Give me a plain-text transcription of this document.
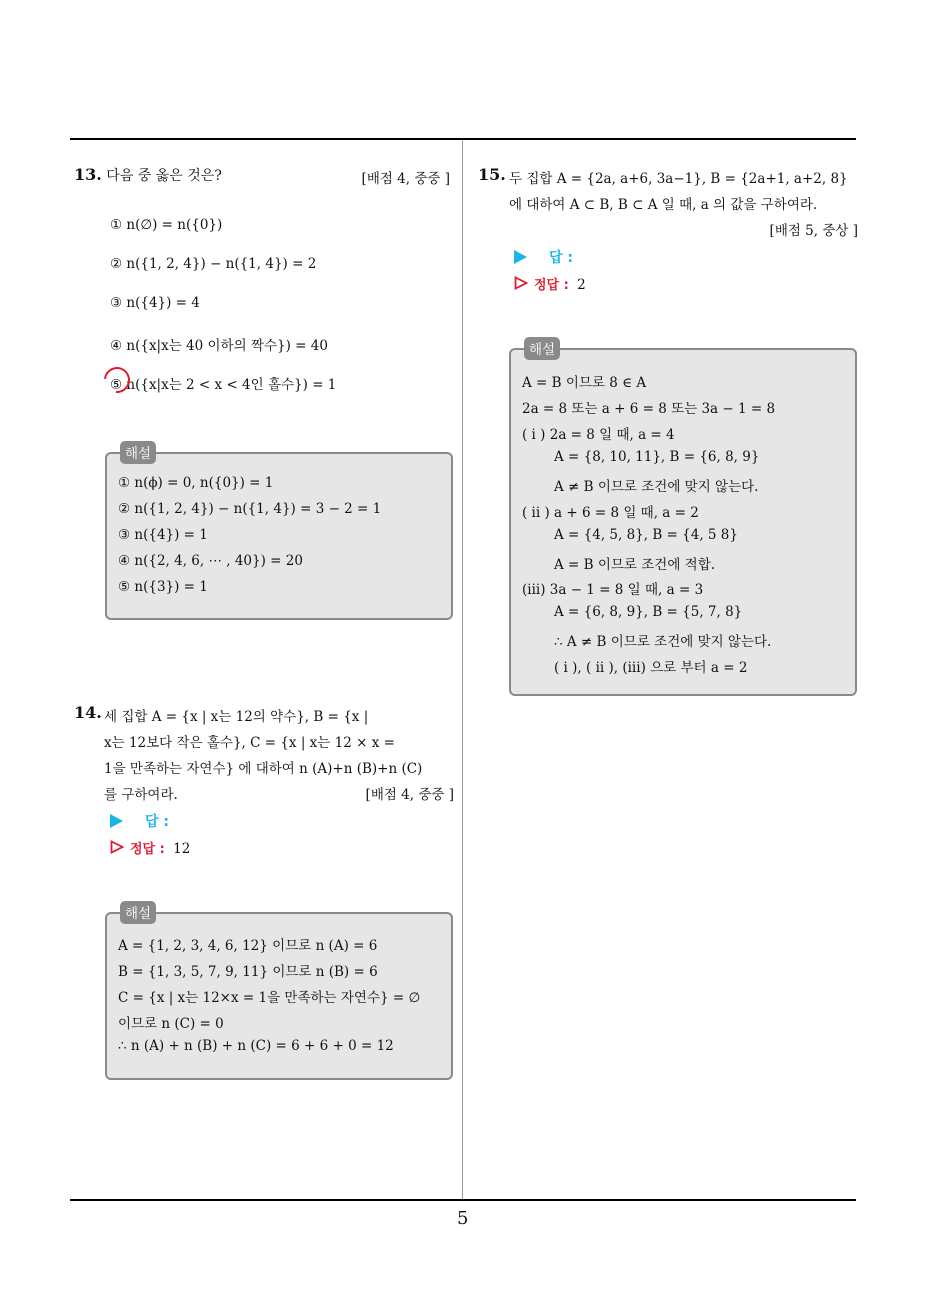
5
13. 다음 중 옳은 것은?	[배점 4, 중중 ]
① n(∅) = n({0})
② n({1, 2, 4}) − n({1, 4}) = 2
③ n({4}) = 4
④ n({x|x는 40 이하의 짝수}) = 40
⑤ n({x|x는 2 < x < 4인 홀수}) = 1
해설
① n(ϕ) = 0, n({0}) = 1
② n({1, 2, 4}) − n({1, 4}) = 3 − 2 = 1
③ n({4}) = 1
④ n({2, 4, 6, ⋯ , 40}) = 20
⑤ n({3}) = 1
14. 세 집합 A = {x | x는 12의 약수}, B = {x |
x는 12보다 작은 홀수}, C = {x | x는 12 × x =
1을 만족하는 자연수} 에 대하여 n (A)+n (B)+n (C)
를 구하여라.	[배점 4, 중중 ]
답 :
정답 : 12
해설
A = {1, 2, 3, 4, 6, 12} 이므로 n (A) = 6
B = {1, 3, 5, 7, 9, 11} 이므로 n (B) = 6
C = {x | x는 12×x = 1을 만족하는 자연수} = ∅
이므로 n (C) = 0
∴ n (A) + n (B) + n (C) = 6 + 6 + 0 = 12
15. 두 집합 A = {2a, a+6, 3a−1}, B = {2a+1, a+2, 8}
에 대하여 A ⊂ B, B ⊂ A 일 때, a 의 값을 구하여라.
[배점 5, 중상 ]
답 :
정답 : 2
해설
A = B 이므로 8 ∈ A
2a = 8 또는 a + 6 = 8 또는 3a − 1 = 8
( i ) 2a = 8 일 때, a = 4
A = {8, 10, 11}, B = {6, 8, 9}
A ≠ B 이므로 조건에 맞지 않는다.
( ii ) a + 6 = 8 일 때, a = 2
A = {4, 5, 8}, B = {4, 5 8}
A = B 이므로 조건에 적합.
(iii) 3a − 1 = 8 일 때, a = 3
A = {6, 8, 9}, B = {5, 7, 8}
∴ A ≠ B 이므로 조건에 맞지 않는다.
( i ), ( ii ), (iii) 으로 부터 a = 2
